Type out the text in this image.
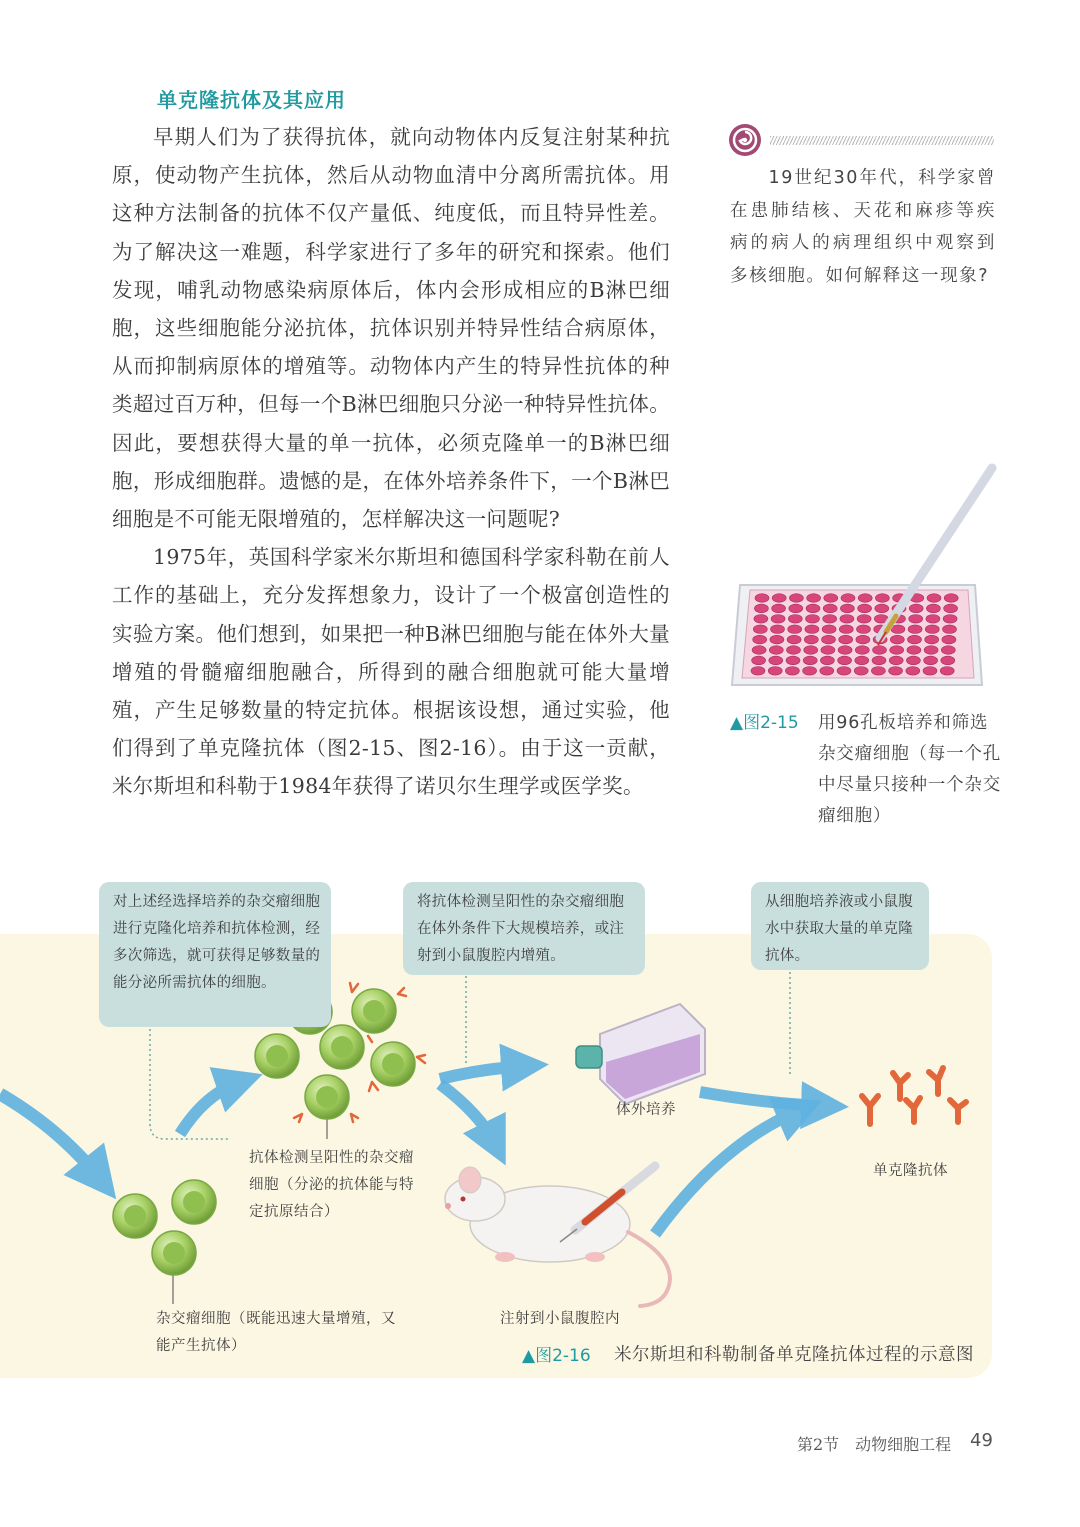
单克隆抗体及其应用

早期人们为了获得抗体，就向动物体内反复注射某种抗原，使动物产生抗体，然后从动物血清中分离所需抗体。用这种方法制备的抗体不仅产量低、纯度低，而且特异性差。为了解决这一难题，科学家进行了多年的研究和探索。他们发现，哺乳动物感染病原体后，体内会形成相应的B淋巴细胞，这些细胞能分泌抗体，抗体识别并特异性结合病原体，从而抑制病原体的增殖等。动物体内产生的特异性抗体的种类超过百万种，但每一个B淋巴细胞只分泌一种特异性抗体。因此，要想获得大量的单一抗体，必须克隆单一的B淋巴细胞，形成细胞群。遗憾的是，在体外培养条件下，一个B淋巴细胞是不可能无限增殖的，怎样解决这一问题呢?

1975年，英国科学家米尔斯坦和德国科学家科勒在前人工作的基础上，充分发挥想象力，设计了一个极富创造性的实验方案。他们想到，如果把一种B淋巴细胞与能在体外大量增殖的骨髓瘤细胞融合，所得到的融合细胞就可能大量增殖，产生足够数量的特定抗体。根据该设想，通过实验，他们得到了单克隆抗体（图2-15、图2-16）。由于这一贡献，米尔斯坦和科勒于1984年获得了诺贝尔生理学或医学奖。

19世纪30年代，科学家曾在患肺结核、天花和麻疹等疾病的病人的病理组织中观察到多核细胞。如何解释这一现象?
▲图2-15	用96孔板培养和筛选杂交瘤细胞（每一个孔中尽量只接种一个杂交瘤细胞）
对上述经选择培养的杂交瘤细胞进行克隆化培养和抗体检测，经多次筛选，就可获得足够数量的能分泌所需抗体的细胞。
将抗体检测呈阳性的杂交瘤细胞在体外条件下大规模培养，或注射到小鼠腹腔内增殖。
从细胞培养液或小鼠腹水中获取大量的单克隆抗体。
抗体检测呈阳性的杂交瘤细胞（分泌的抗体能与特定抗原结合）
杂交瘤细胞（既能迅速大量增殖，又能产生抗体）
体外培养
注射到小鼠腹腔内
单克隆抗体
▲图2-16 米尔斯坦和科勒制备单克隆抗体过程的示意图
第2节　动物细胞工程 49
